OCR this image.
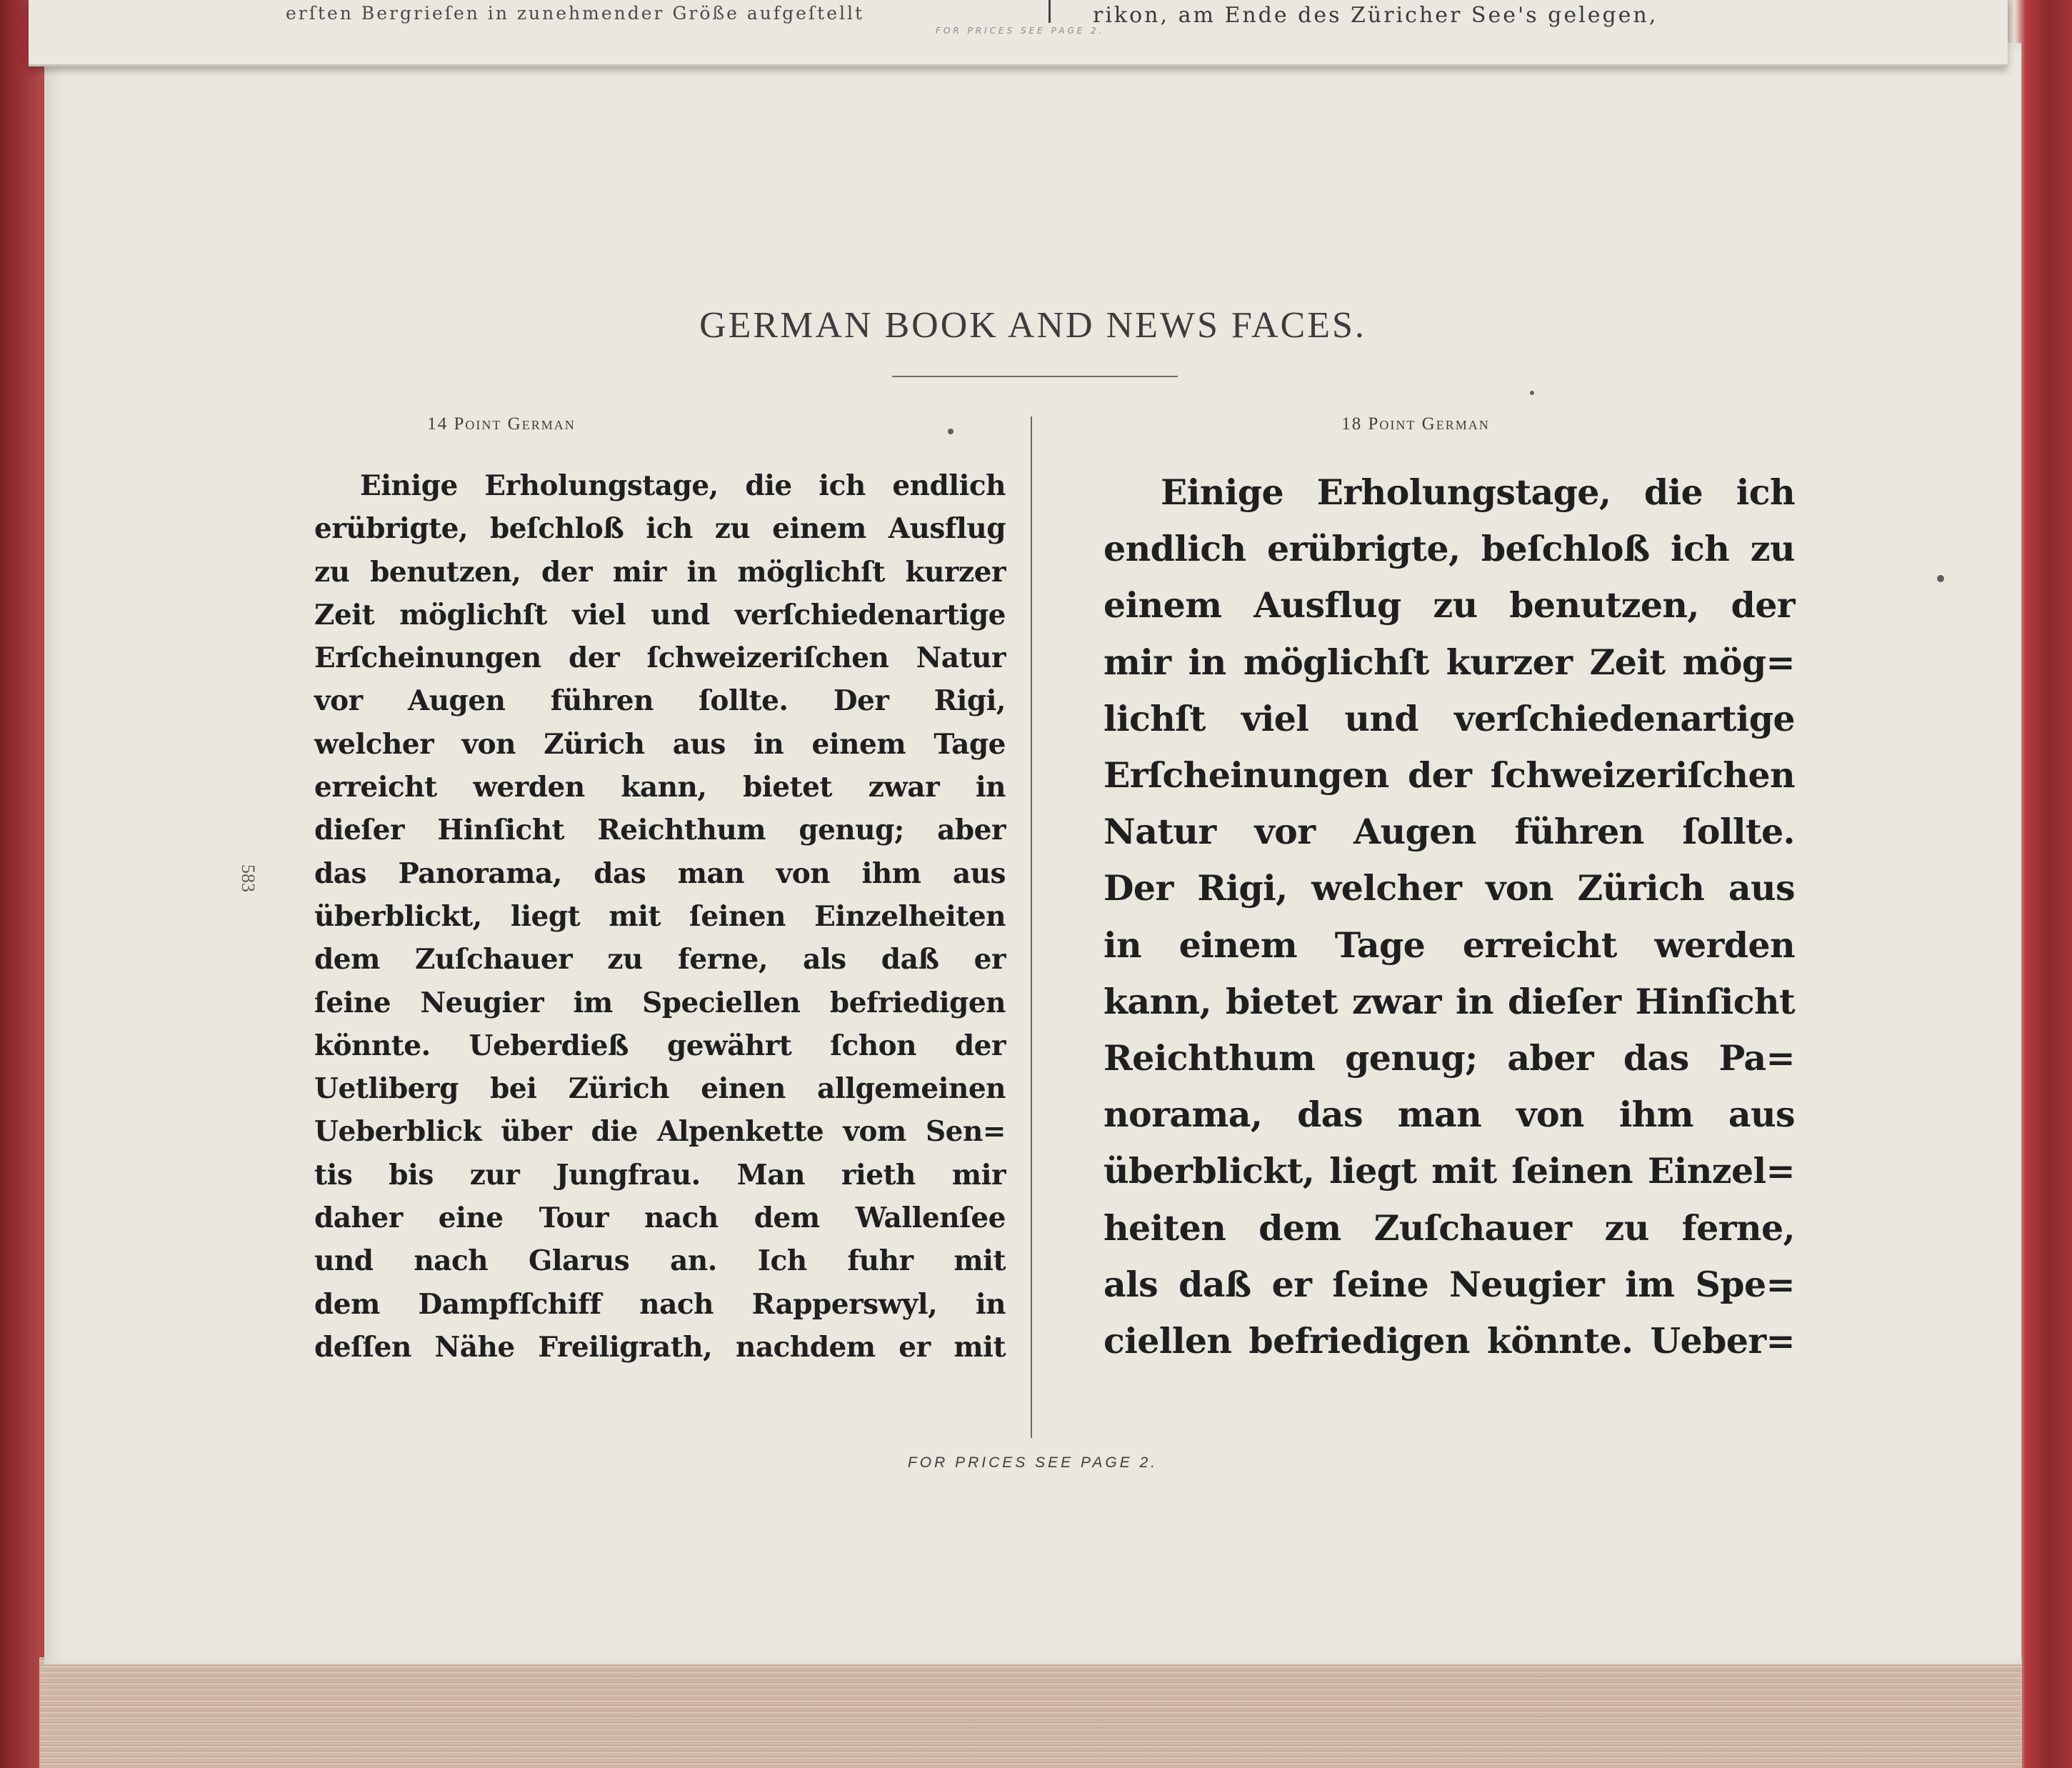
erſten Bergrieſen in zunehmender Größe aufgeſtellt	rikon, am Ende des Züricher See's gelegen,
FOR PRICES SEE PAGE 2.
GERMAN BOOK AND NEWS FACES.
14 Point German	18 Point German
583
Einige Erholungstage, die ich endlich
erübrigte, beſchloß ich zu einem Ausflug
zu benutzen, der mir in möglichſt kurzer
Zeit möglichſt viel und verſchiedenartige
Erſcheinungen der ſchweizeriſchen Natur
vor Augen führen ſollte. Der Rigi,
welcher von Zürich aus in einem Tage
erreicht werden kann, bietet zwar in
dieſer Hinſicht Reichthum genug; aber
das Panorama, das man von ihm aus
überblickt, liegt mit ſeinen Einzelheiten
dem Zuſchauer zu ferne, als daß er
ſeine Neugier im Speciellen befriedigen
könnte. Ueberdieß gewährt ſchon der
Uetliberg bei Zürich einen allgemeinen
Ueberblick über die Alpenkette vom Sen=
tis bis zur Jungfrau. Man rieth mir
daher eine Tour nach dem Wallenſee
und nach Glarus an. Ich fuhr mit
dem Dampfſchiff nach Rapperswyl, in
deſſen Nähe Freiligrath, nachdem er mit
Einige Erholungstage, die ich
endlich erübrigte, beſchloß ich zu
einem Ausflug zu benutzen, der
mir in möglichſt kurzer Zeit mög=
lichſt viel und verſchiedenartige
Erſcheinungen der ſchweizeriſchen
Natur vor Augen führen ſollte.
Der Rigi, welcher von Zürich aus
in einem Tage erreicht werden
kann, bietet zwar in dieſer Hinſicht
Reichthum genug; aber das Pa=
norama, das man von ihm aus
überblickt, liegt mit ſeinen Einzel=
heiten dem Zuſchauer zu ferne,
als daß er ſeine Neugier im Spe=
ciellen befriedigen könnte. Ueber=
FOR PRICES SEE PAGE 2.
